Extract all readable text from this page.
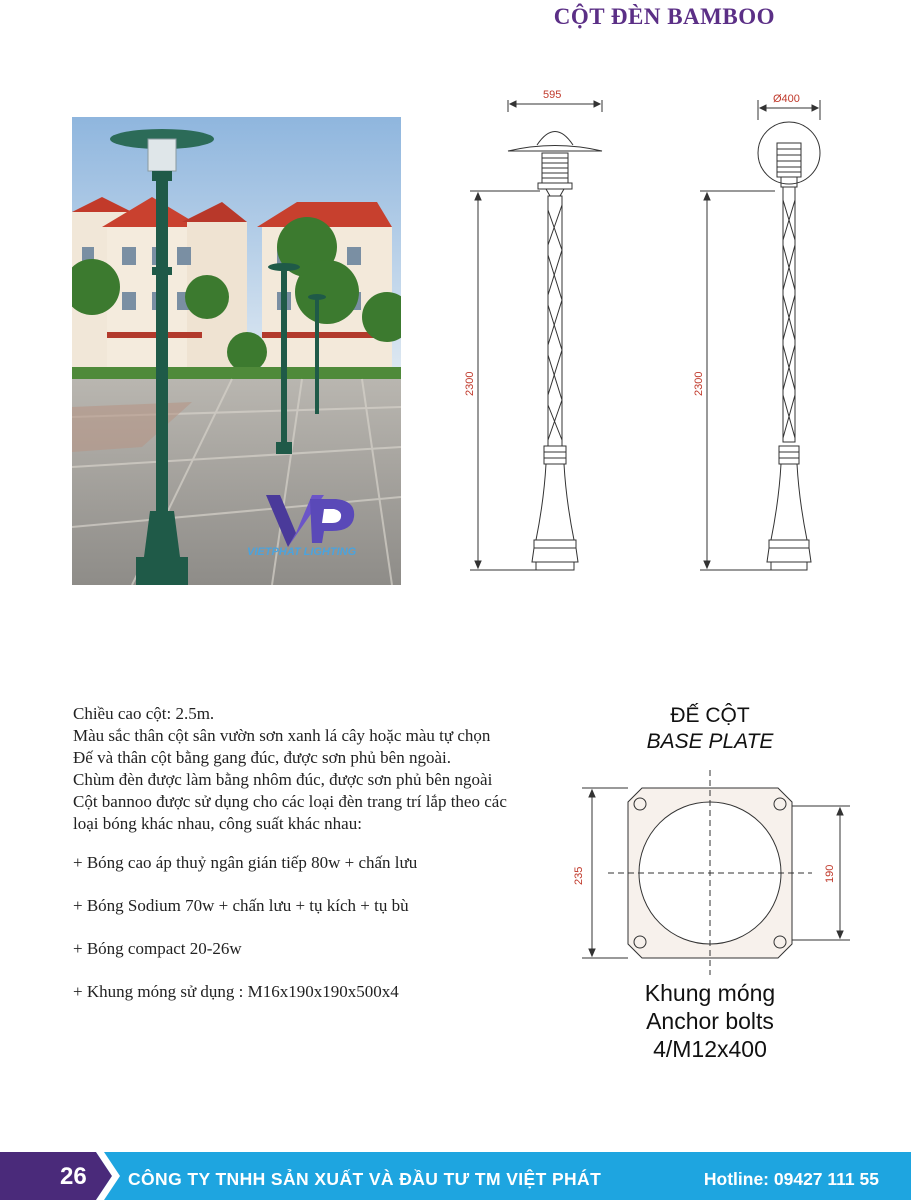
CỘT ĐÈN BAMBOO
VIETPHAT LIGHTING
595	Ø400
2300	2300

Chiều cao cột: 2.5m.

Màu sắc thân cột sân vườn sơn xanh lá cây hoặc màu tự chọn

Đế và thân cột bằng gang đúc, được sơn phủ bên ngoài.

Chùm đèn được làm bằng nhôm đúc, được sơn phủ bên ngoài

Cột bannoo được sử dụng cho các loại đèn trang trí lắp theo các

loại bóng khác nhau, công suất khác nhau:

+ Bóng cao áp thuỷ ngân gián tiếp 80w + chấn lưu
+ Bóng Sodium 70w + chấn lưu + tụ kích + tụ bù
+ Bóng compact 20-26w
+ Khung móng sử dụng : M16x190x190x500x4
ĐẾ CỘT
BASE PLATE
235	190
Khung móng
Anchor bolts
4/M12x400
26 CÔNG TY TNHH SẢN XUẤT VÀ ĐẦU TƯ TM VIỆT PHÁT	Hotline: 09427 111 55
